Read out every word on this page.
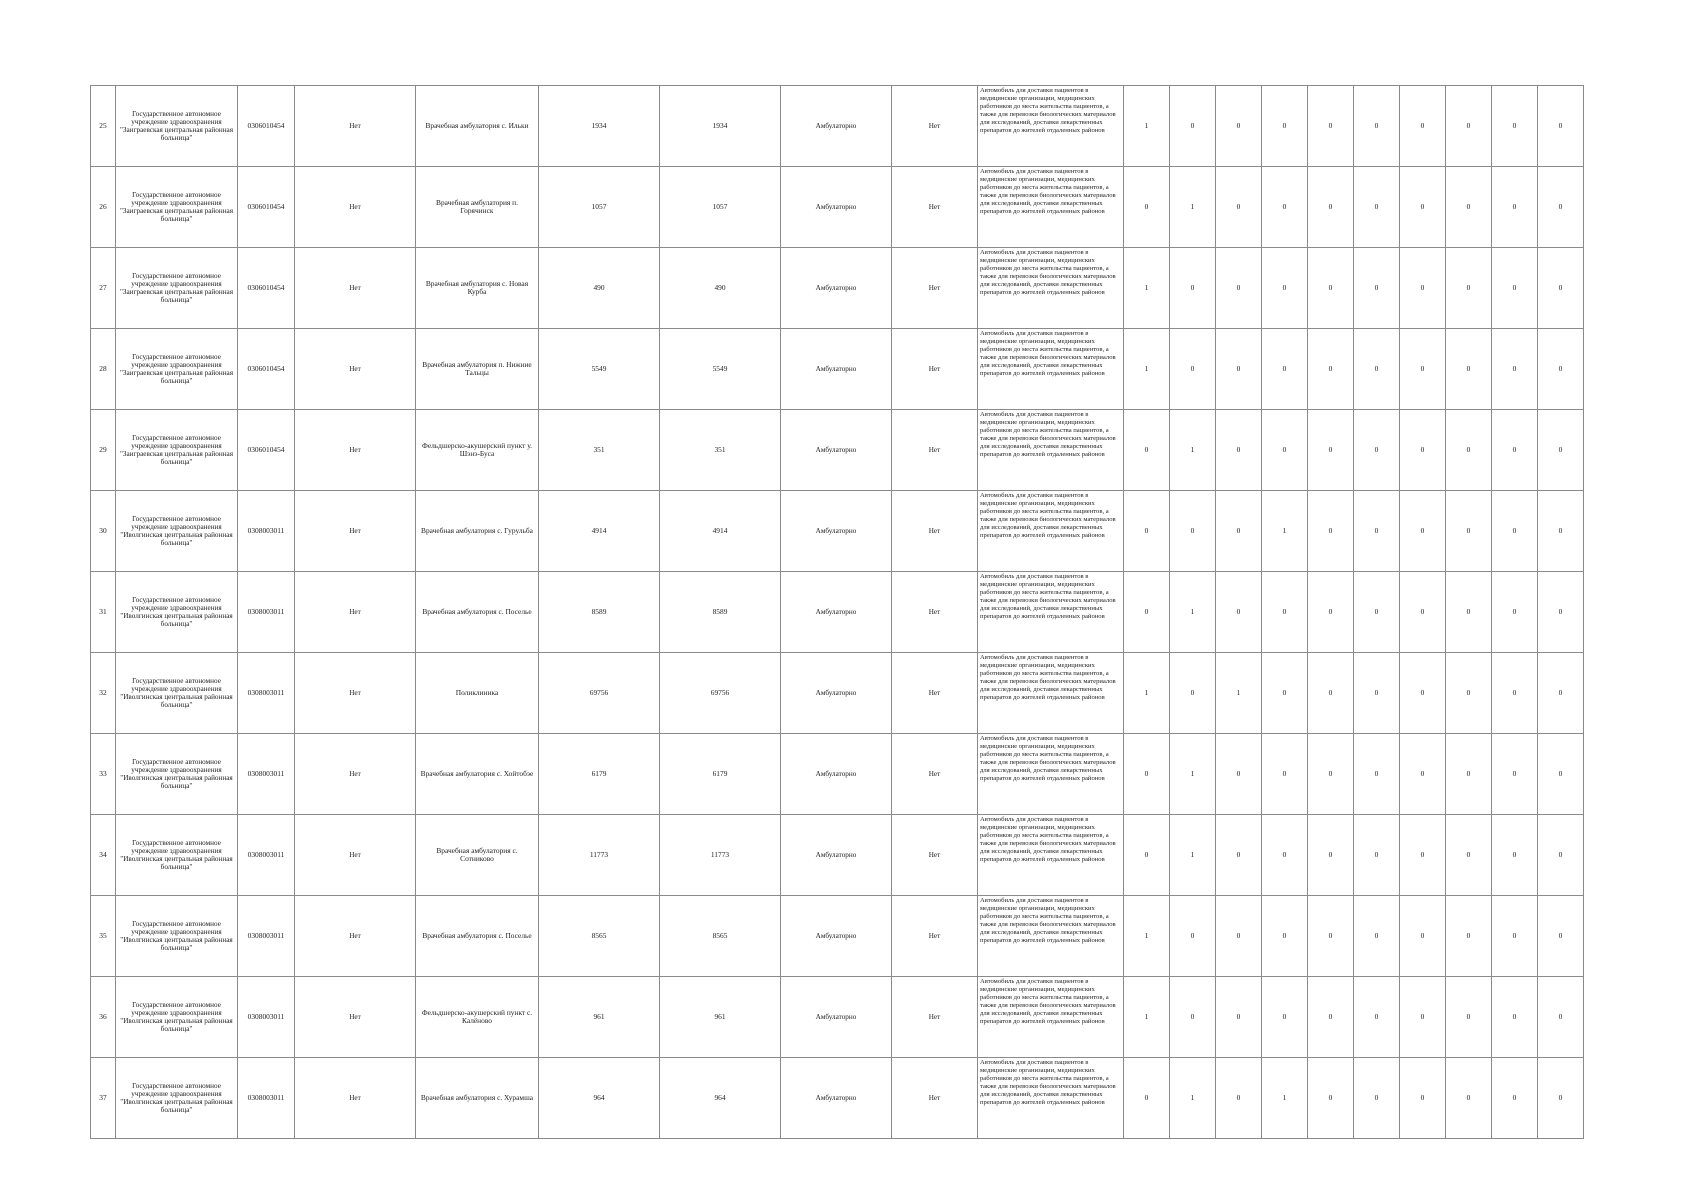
25	Государственное автономное учреждение здравоохранения "Заиграевская центральная районная больница"	0306010454	Нет	Врачебная амбулатория с. Ильки	1934	1934	Амбулаторно	Нет	Автомобиль для доставки пациентов в медицинские организации, медицинских работников до места жительства пациентов, а также для перевозки биологических материалов для исследований, доставки лекарственных препаратов до жителей отдаленных районов	1	0	0	0	0	0	0	0	0	0
26	Государственное автономное учреждение здравоохранения "Заиграевская центральная районная больница"	0306010454	Нет	Врачебная амбулатория п. Горячинск	1057	1057	Амбулаторно	Нет	Автомобиль для доставки пациентов в медицинские организации, медицинских работников до места жительства пациентов, а также для перевозки биологических материалов для исследований, доставки лекарственных препаратов до жителей отдаленных районов	0	1	0	0	0	0	0	0	0	0
27	Государственное автономное учреждение здравоохранения "Заиграевская центральная районная больница"	0306010454	Нет	Врачебная амбулатория с. Новая Курба	490	490	Амбулаторно	Нет	Автомобиль для доставки пациентов в медицинские организации, медицинских работников до места жительства пациентов, а также для перевозки биологических материалов для исследований, доставки лекарственных препаратов до жителей отдаленных районов	1	0	0	0	0	0	0	0	0	0
28	Государственное автономное учреждение здравоохранения "Заиграевская центральная районная больница"	0306010454	Нет	Врачебная амбулатория п. Нижние Тальцы	5549	5549	Амбулаторно	Нет	Автомобиль для доставки пациентов в медицинские организации, медицинских работников до места жительства пациентов, а также для перевозки биологических материалов для исследований, доставки лекарственных препаратов до жителей отдаленных районов	1	0	0	0	0	0	0	0	0	0
29	Государственное автономное учреждение здравоохранения "Заиграевская центральная районная больница"	0306010454	Нет	Фельдшерско-акушерский пункт у. Шэнэ-Буса	351	351	Амбулаторно	Нет	Автомобиль для доставки пациентов в медицинские организации, медицинских работников до места жительства пациентов, а также для перевозки биологических материалов для исследований, доставки лекарственных препаратов до жителей отдаленных районов	0	1	0	0	0	0	0	0	0	0
30	Государственное автономное учреждение здравоохранения "Иволгинская центральная районная больница"	0308003011	Нет	Врачебная амбулатория с. Гурульба	4914	4914	Амбулаторно	Нет	Автомобиль для доставки пациентов в медицинские организации, медицинских работников до места жительства пациентов, а также для перевозки биологических материалов для исследований, доставки лекарственных препаратов до жителей отдаленных районов	0	0	0	1	0	0	0	0	0	0
31	Государственное автономное учреждение здравоохранения "Иволгинская центральная районная больница"	0308003011	Нет	Врачебная амбулатория с. Поселье	8589	8589	Амбулаторно	Нет	Автомобиль для доставки пациентов в медицинские организации, медицинских работников до места жительства пациентов, а также для перевозки биологических материалов для исследований, доставки лекарственных препаратов до жителей отдаленных районов	0	1	0	0	0	0	0	0	0	0
32	Государственное автономное учреждение здравоохранения "Иволгинская центральная районная больница"	0308003011	Нет	Поликлиника	69756	69756	Амбулаторно	Нет	Автомобиль для доставки пациентов в медицинские организации, медицинских работников до места жительства пациентов, а также для перевозки биологических материалов для исследований, доставки лекарственных препаратов до жителей отдаленных районов	1	0	1	0	0	0	0	0	0	0
33	Государственное автономное учреждение здравоохранения "Иволгинская центральная районная больница"	0308003011	Нет	Врачебная амбулатория с. Хойтобэе	6179	6179	Амбулаторно	Нет	Автомобиль для доставки пациентов в медицинские организации, медицинских работников до места жительства пациентов, а также для перевозки биологических материалов для исследований, доставки лекарственных препаратов до жителей отдаленных районов	0	1	0	0	0	0	0	0	0	0
34	Государственное автономное учреждение здравоохранения "Иволгинская центральная районная больница"	0308003011	Нет	Врачебная амбулатория с. Сотниково	11773	11773	Амбулаторно	Нет	Автомобиль для доставки пациентов в медицинские организации, медицинских работников до места жительства пациентов, а также для перевозки биологических материалов для исследований, доставки лекарственных препаратов до жителей отдаленных районов	0	1	0	0	0	0	0	0	0	0
35	Государственное автономное учреждение здравоохранения "Иволгинская центральная районная больница"	0308003011	Нет	Врачебная амбулатория с. Поселье	8565	8565	Амбулаторно	Нет	Автомобиль для доставки пациентов в медицинские организации, медицинских работников до места жительства пациентов, а также для перевозки биологических материалов для исследований, доставки лекарственных препаратов до жителей отдаленных районов	1	0	0	0	0	0	0	0	0	0
36	Государственное автономное учреждение здравоохранения "Иволгинская центральная районная больница"	0308003011	Нет	Фельдшерско-акушерский пункт с. Калёново	961	961	Амбулаторно	Нет	Автомобиль для доставки пациентов в медицинские организации, медицинских работников до места жительства пациентов, а также для перевозки биологических материалов для исследований, доставки лекарственных препаратов до жителей отдаленных районов	1	0	0	0	0	0	0	0	0	0
37	Государственное автономное учреждение здравоохранения "Иволгинская центральная районная больница"	0308003011	Нет	Врачебная амбулатория с. Хурамша	964	964	Амбулаторно	Нет	Автомобиль для доставки пациентов в медицинские организации, медицинских работников до места жительства пациентов, а также для перевозки биологических материалов для исследований, доставки лекарственных препаратов до жителей отдаленных районов	0	1	0	1	0	0	0	0	0	0
